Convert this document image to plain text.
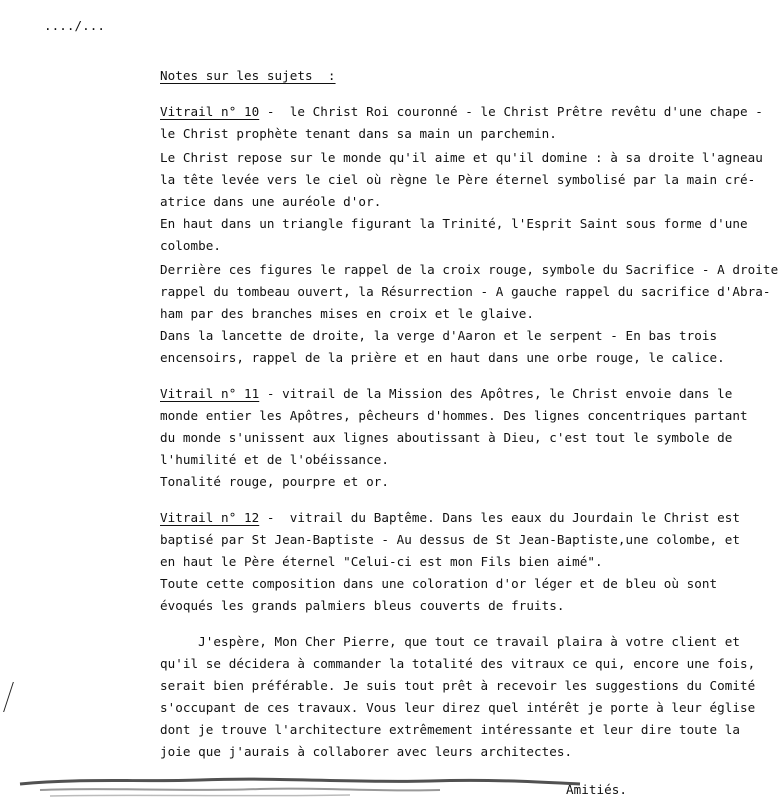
..../...
Notes sur les sujets  :
Vitrail n° 10 -  le Christ Roi couronné - le Christ Prêtre revêtu d'une chape -
le Christ prophète tenant dans sa main un parchemin.
Le Christ repose sur le monde qu'il aime et qu'il domine : à sa droite l'agneau
la tête levée vers le ciel où règne le Père éternel symbolisé par la main cré-
atrice dans une auréole d'or.
En haut dans un triangle figurant la Trinité, l'Esprit Saint sous forme d'une
colombe.
Derrière ces figures le rappel de la croix rouge, symbole du Sacrifice - A droite
rappel du tombeau ouvert, la Résurrection - A gauche rappel du sacrifice d'Abra-
ham par des branches mises en croix et le glaive.
Dans la lancette de droite, la verge d'Aaron et le serpent - En bas trois
encensoirs, rappel de la prière et en haut dans une orbe rouge, le calice.
Vitrail n° 11 - vitrail de la Mission des Apôtres, le Christ envoie dans le
monde entier les Apôtres, pêcheurs d'hommes. Des lignes concentriques partant
du monde s'unissent aux lignes aboutissant à Dieu, c'est tout le symbole de
l'humilité et de l'obéissance.
Tonalité rouge, pourpre et or.
Vitrail n° 12 -  vitrail du Baptême. Dans les eaux du Jourdain le Christ est
baptisé par St Jean-Baptiste - Au dessus de St Jean-Baptiste,une colombe, et
en haut le Père éternel "Celui-ci est mon Fils bien aimé".
Toute cette composition dans une coloration d'or léger et de bleu où sont
évoqués les grands palmiers bleus couverts de fruits.
J'espère, Mon Cher Pierre, que tout ce travail plaira à votre client et
qu'il se décidera à commander la totalité des vitraux ce qui, encore une fois,
serait bien préférable. Je suis tout prêt à recevoir les suggestions du Comité
s'occupant de ces travaux. Vous leur direz quel intérêt je porte à leur église
dont je trouve l'architecture extrêmement intéressante et leur dire toute la
joie que j'aurais à collaborer avec leurs architectes.
Amitiés.
